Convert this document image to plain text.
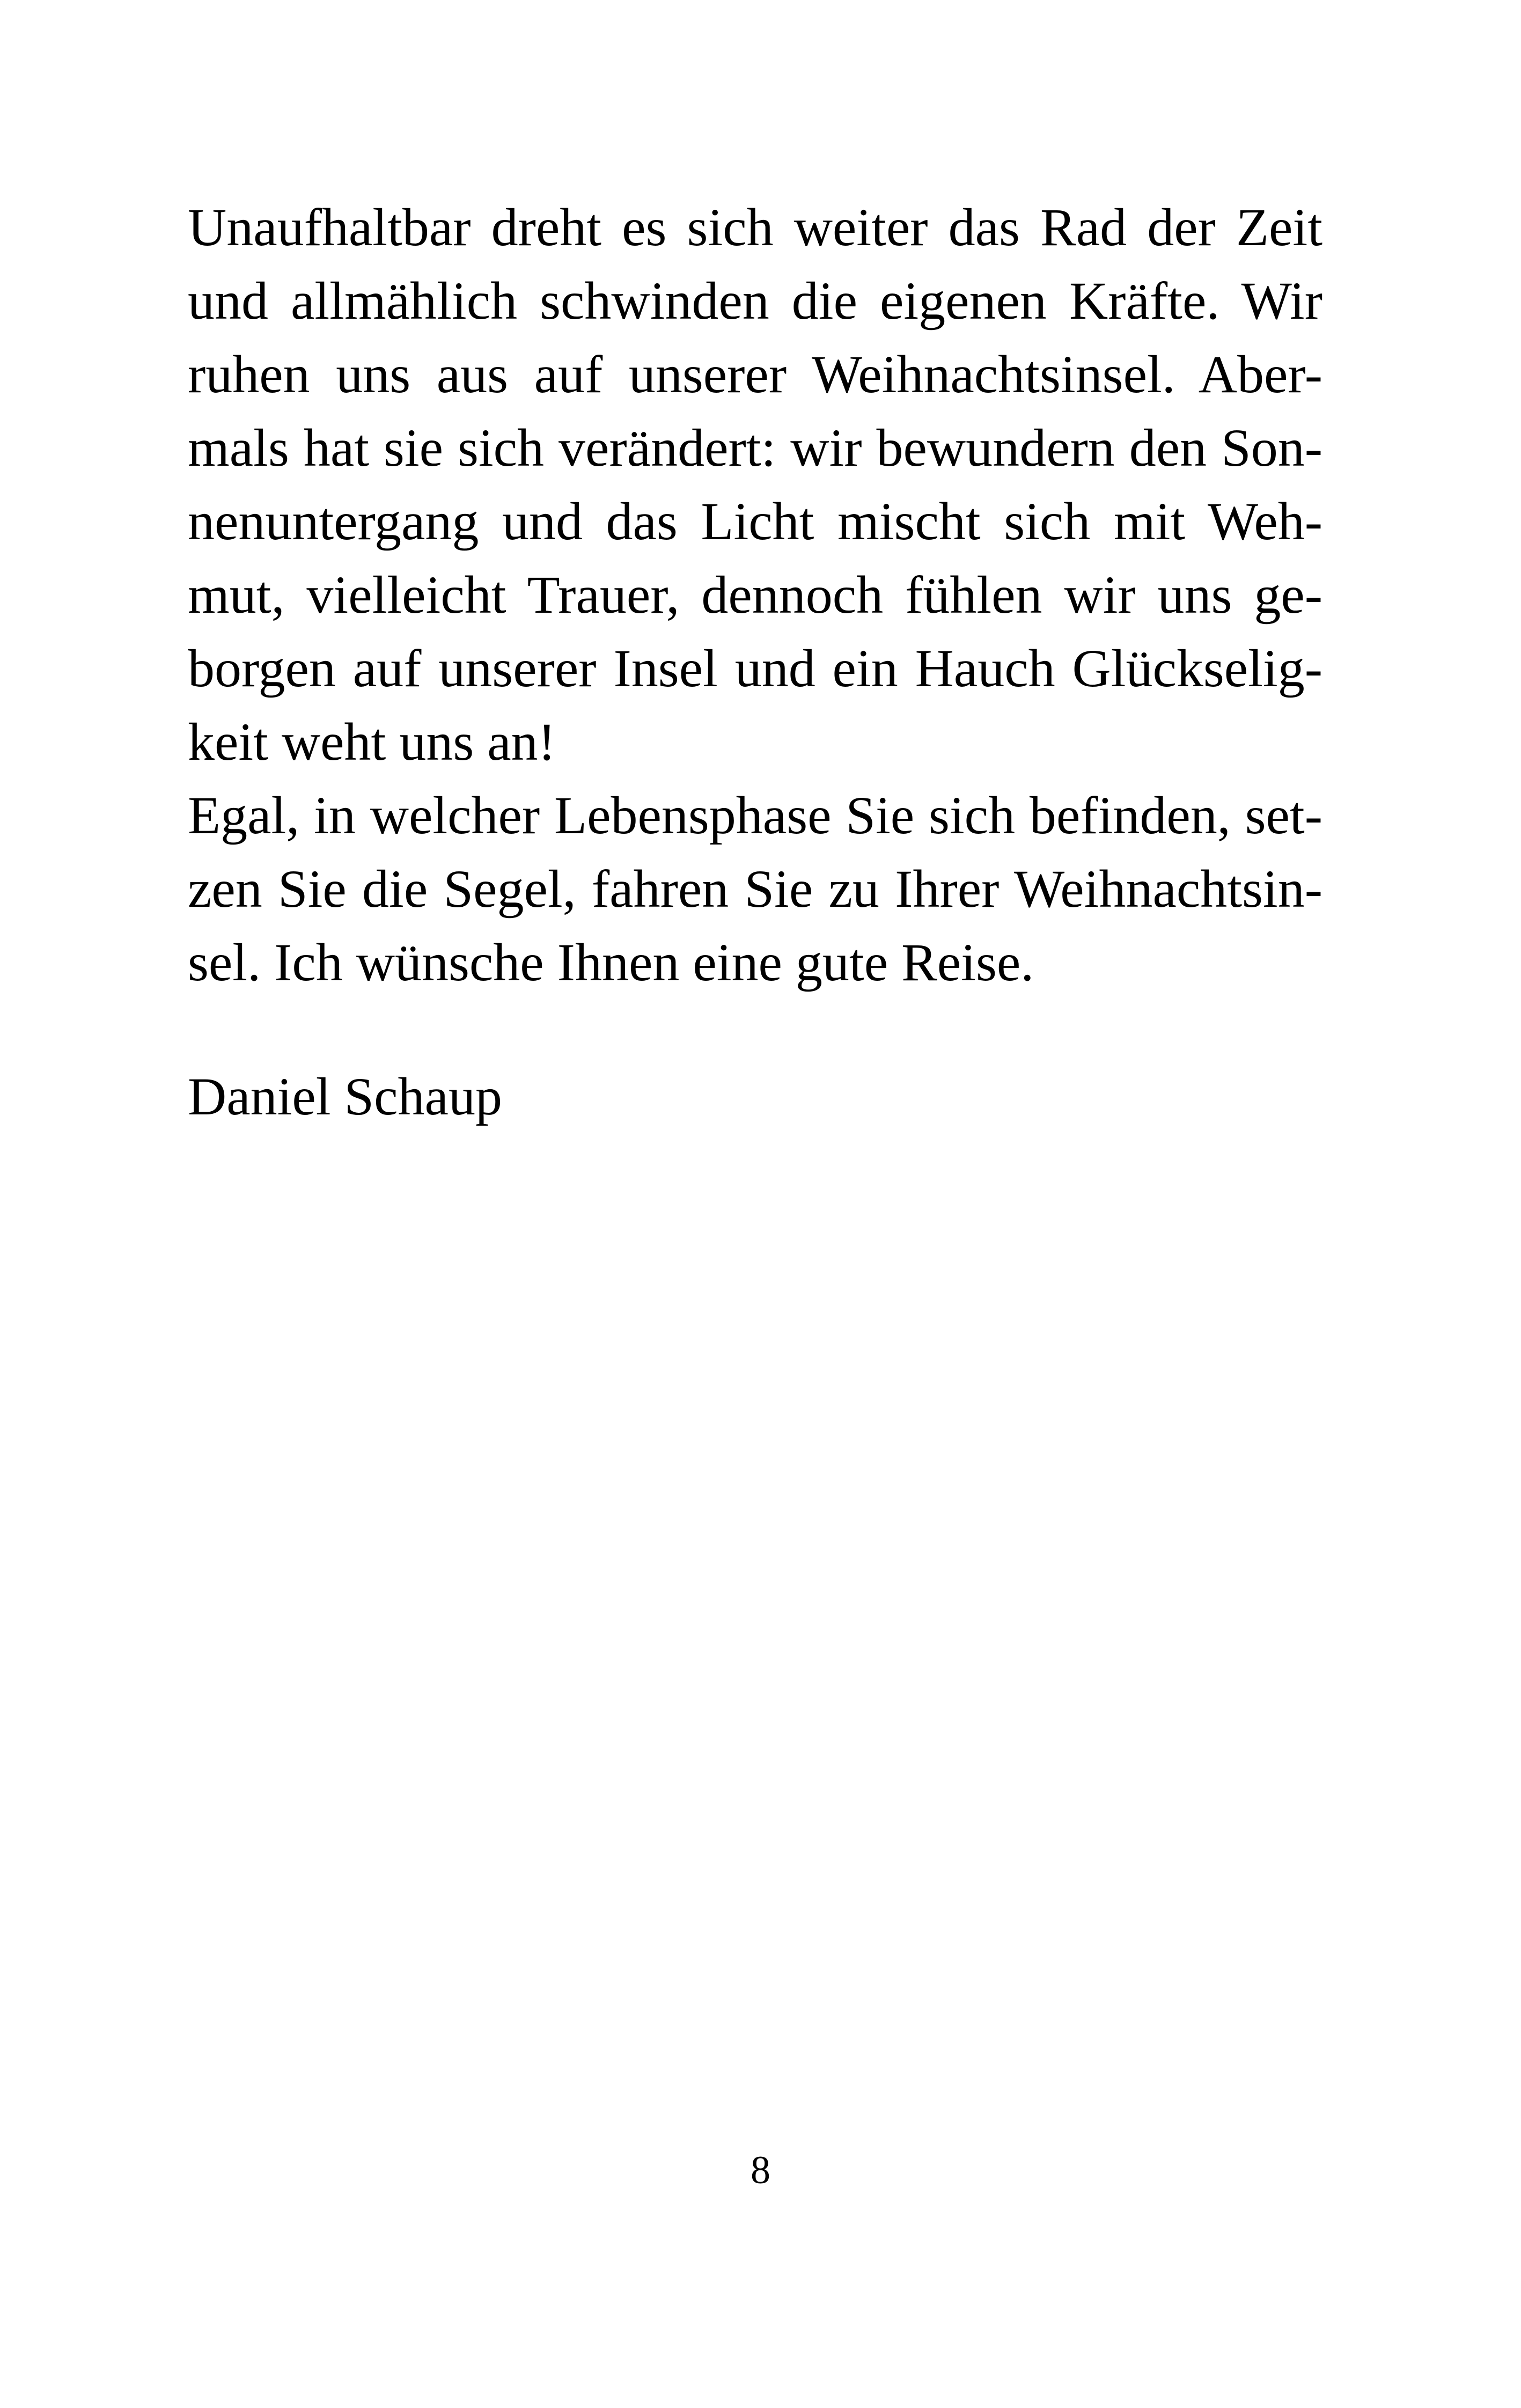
Unaufhaltbar dreht es sich weiter das Rad der Zeit
und allmählich schwinden die eigenen Kräfte. Wir
ruhen uns aus auf unserer Weihnachtsinsel. Aber-
mals hat sie sich verändert: wir bewundern den Son-
nenuntergang und das Licht mischt sich mit Weh-
mut, vielleicht Trauer, dennoch fühlen wir uns ge-
borgen auf unserer Insel und ein Hauch Glückselig-
keit weht uns an!
Egal, in welcher Lebensphase Sie sich befinden, set-
zen Sie die Segel, fahren Sie zu Ihrer Weihnachtsin-
sel. Ich wünsche Ihnen eine gute Reise.
Daniel Schaup
8
